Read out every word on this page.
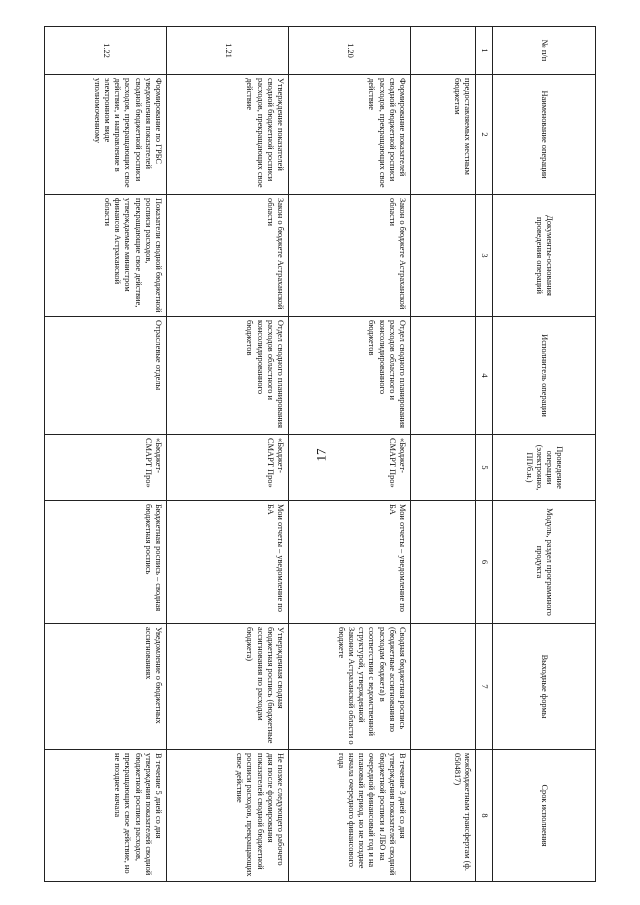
17
№ п/п	Наименование операции	Документы-основания проведения операций	Исполнитель операции	Проведение операции (электронно, ПП/б.н.)	Модуль, раздел программного продукта	Выходные формы	Срок исполнения
1	2	3	4	5	6	7	8
	предоставляемых местным бюджетам						межбюджетным трансфертам (ф. 0504817)
1.20	Формирование показателей сводной бюджетной росписи расходов, прекращающих свое действие	Закон о бюджете Астраханской области	Отдел сводного планирования расходов областного и консолидированного бюджетов	«Бюджет-СМАРТ Про»	Мои отчеты – уведомление по БА	Сводная бюджетная роспись (бюджетные ассигнования по расходам бюджета) в соответствии с ведомственной структурой, утвержденной Законом Астраханской области о бюджете	В течение 3 дней со дня утверждения показателей сводной бюджетной росписи и ЛБО на очередной финансовый год и на плановый период, но не позднее начала очередного финансового года
1.21	Утверждение показателей сводной бюджетной росписи расходов, прекращающих свое действие	Закон о бюджете Астраханской области	Отдел сводного планирования расходов областного и консолидированного бюджетов	«Бюджет-СМАРТ Про»	Мои отчеты – уведомление по БА	Утвержденная сводная бюджетная роспись (бюджетные ассигнования по расходам бюджета)	Не позже следующего рабочего дня после формирования показателей сводной бюджетной росписи расходов, прекращающих свое действие
1.22	Формирование по ГРБС уведомления показателей сводной бюджетной росписи расходов, прекращающих свое действие, и направление в электронном виде уполномоченному	Показатели сводной бюджетной росписи расходов, прекращающие свое действие, утверждаемые министром финансов Астраханской области	Отраслевые отделы	«Бюджет-СМАРТ Про»	Бюджетная роспись – сводная бюджетная роспись	Уведомление о бюджетных ассигнованиях	В течение 5 дней со дня утверждения показателей сводной бюджетной росписи расходов, прекращающих свое действие, но не позднее начала
